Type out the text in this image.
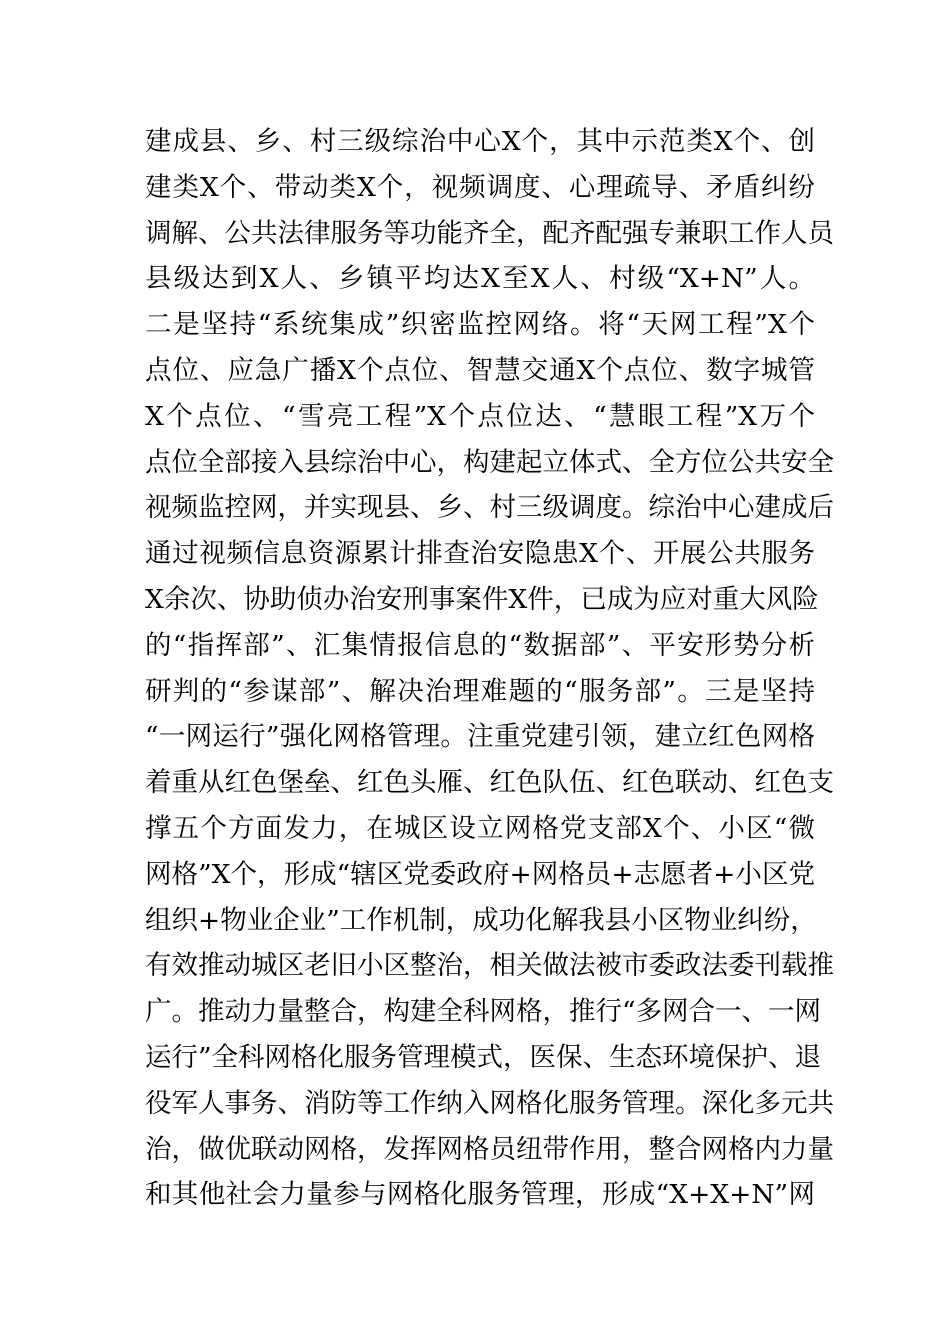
建成县、乡、村三级综治中心X个，其中示范类X个、创
建类X个、带动类X个，视频调度、心理疏导、矛盾纠纷
调解、公共法律服务等功能齐全，配齐配强专兼职工作人员
县级达到X人、乡镇平均达X至X人、村级“X+N”人。
二是坚持“系统集成”织密监控网络。将“天网工程”X个
点位、应急广播X个点位、智慧交通X个点位、数字城管
X个点位、“雪亮工程”X个点位达、“慧眼工程”X万个
点位全部接入县综治中心，构建起立体式、全方位公共安全
视频监控网，并实现县、乡、村三级调度。综治中心建成后
通过视频信息资源累计排查治安隐患X个、开展公共服务
X余次、协助侦办治安刑事案件X件，已成为应对重大风险
的“指挥部”、汇集情报信息的“数据部”、平安形势分析
研判的“参谋部”、解决治理难题的“服务部”。三是坚持
“一网运行”强化网格管理。注重党建引领，建立红色网格
着重从红色堡垒、红色头雁、红色队伍、红色联动、红色支
撑五个方面发力，在城区设立网格党支部X个、小区“微
网格”X个，形成“辖区党委政府+网格员+志愿者+小区党
组织+物业企业”工作机制，成功化解我县小区物业纠纷，
有效推动城区老旧小区整治，相关做法被市委政法委刊载推
广。推动力量整合，构建全科网格，推行“多网合一、一网
运行”全科网格化服务管理模式，医保、生态环境保护、退
役军人事务、消防等工作纳入网格化服务管理。深化多元共
治，做优联动网格，发挥网格员纽带作用，整合网格内力量
和其他社会力量参与网格化服务管理，形成“X+X+N”网
